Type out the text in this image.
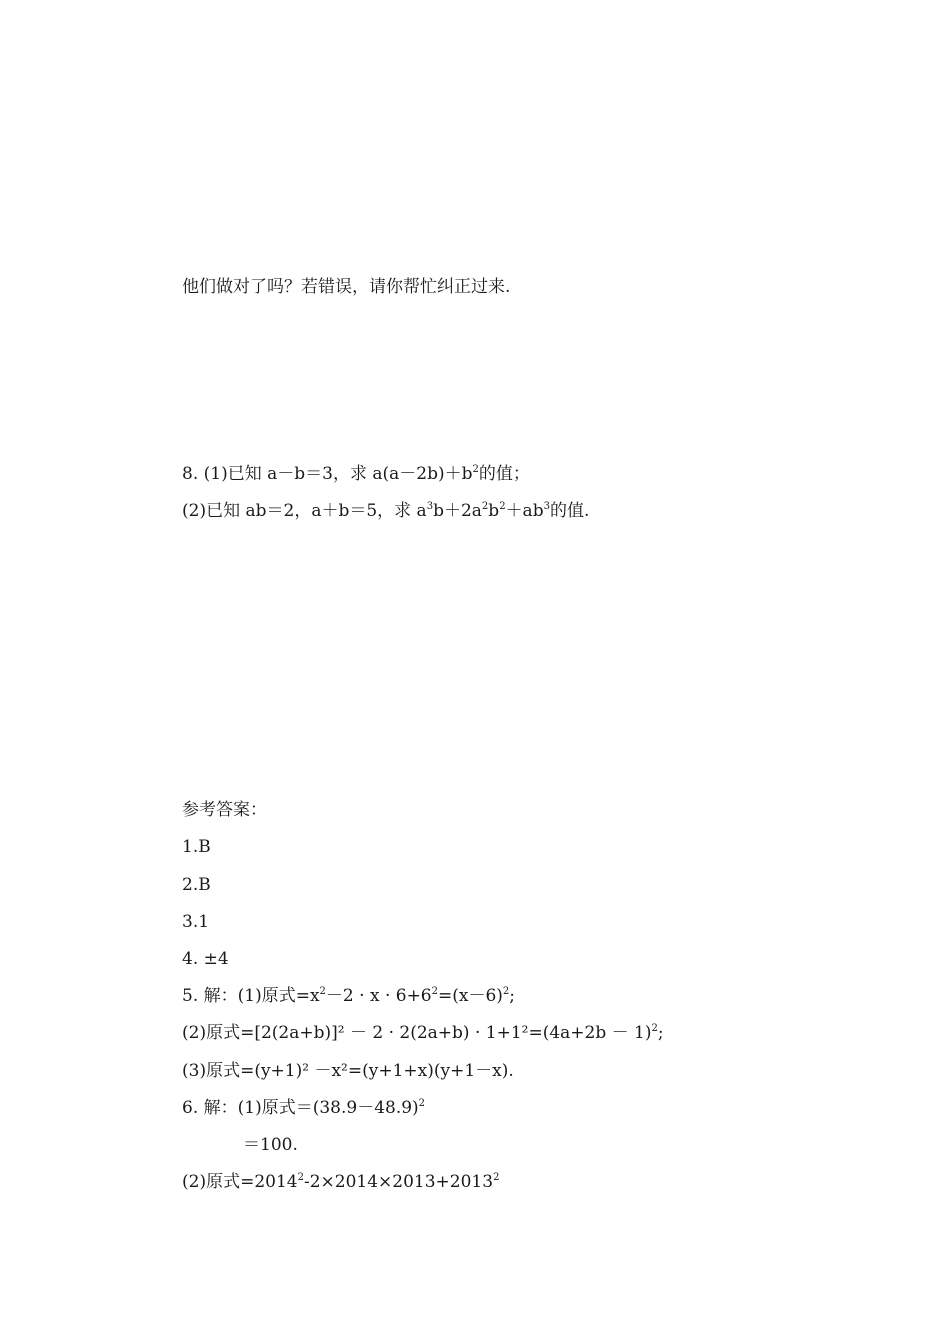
他们做对了吗？若错误，请你帮忙纠正过来.
8. (1)已知 a－b＝3，求 $a(a-2b)+b^2$的值；
(2)已知 ab＝2，a＋b＝5，求 $a^3b+2a^2b^2+ab^3$的值.
参考答案：
1.B
2.B
3.1
4. ±4
5. 解：(1)原式$=x^2-2 \cdot x \cdot 6+6^2=(x-6)^2$;
(2)原式$=[2(2a+b)]^2 - 2 \cdot 2(2a+b) \cdot 1+1^2=(4a+2b - 1)^2$;
(3)原式=(y+1)² －x²=(y+1+x)(y+1－x).
6. 解：(1)原式$=(38.9-48.9)^2$
＝100.
(2)原式$=2014^2-2\times 2014\times 2013+2013^2$
